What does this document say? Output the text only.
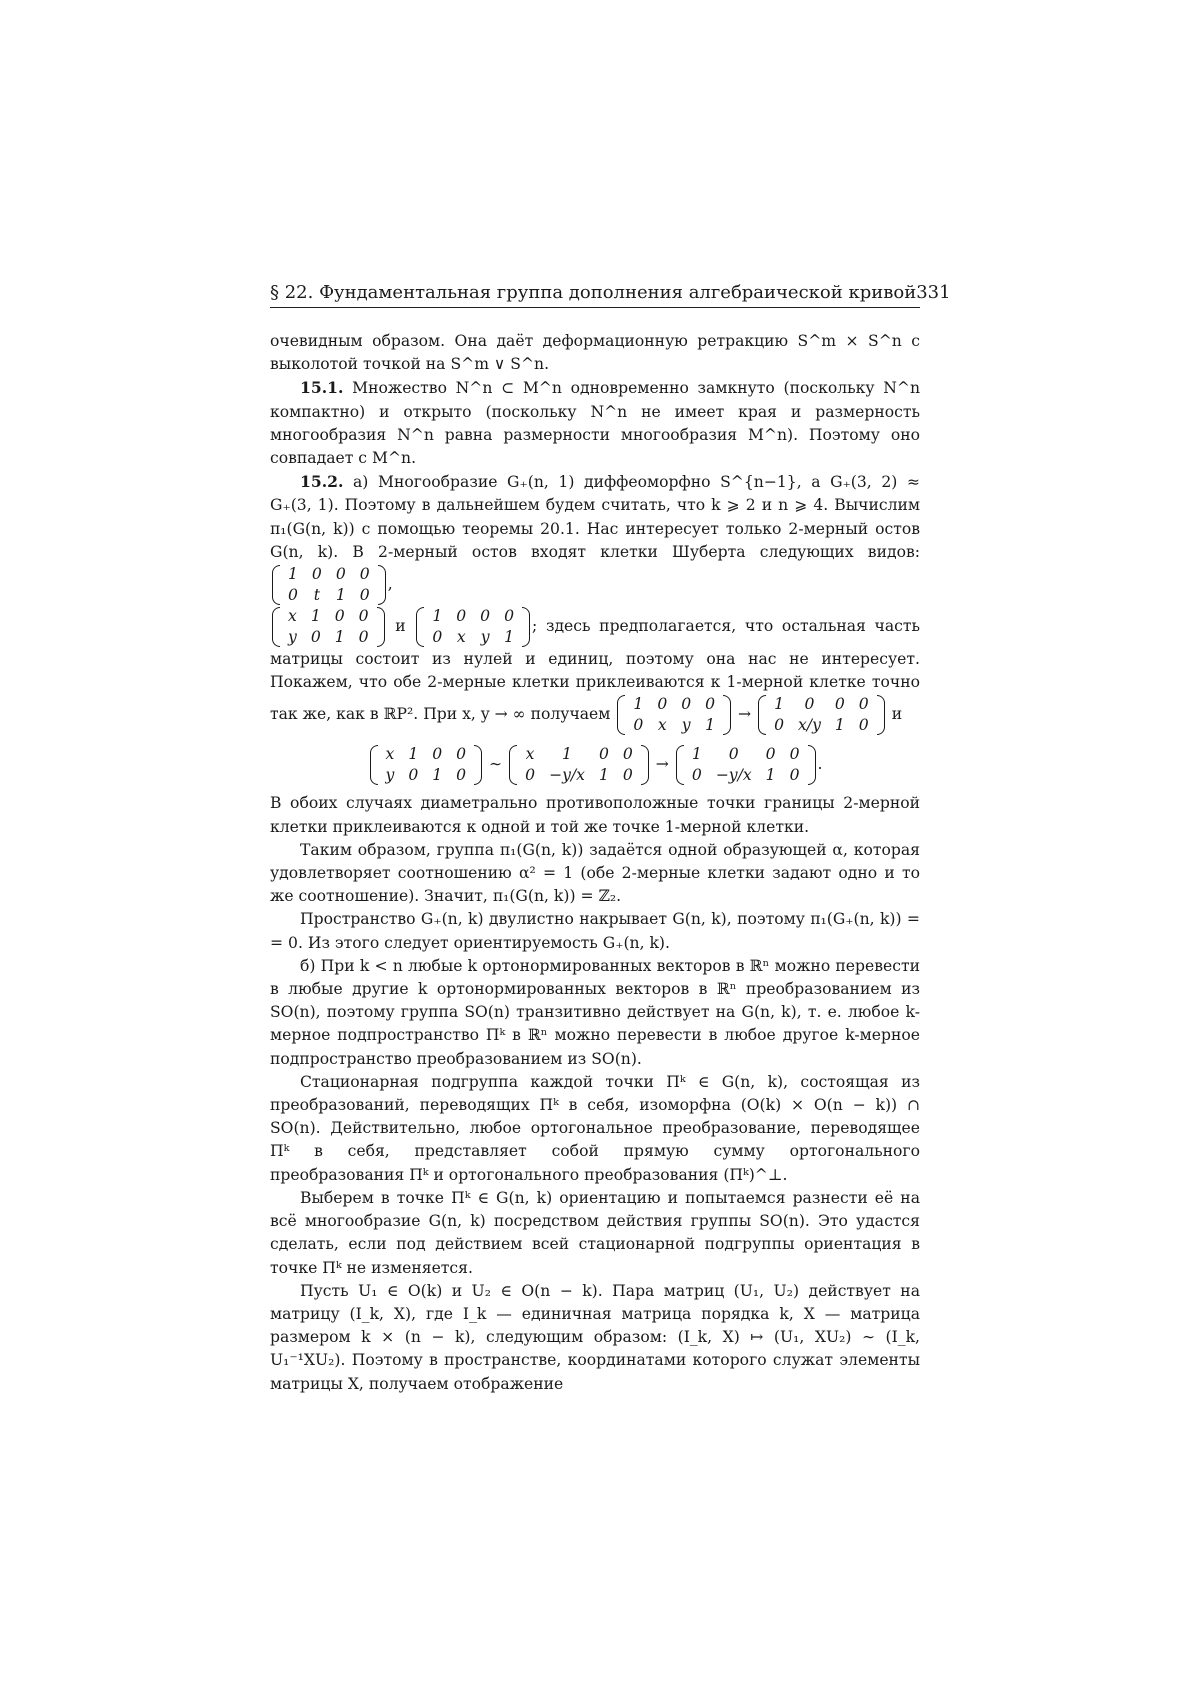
§ 22. Фундаментальная группа дополнения алгебраической кривой 331

очевидным образом. Она даёт деформационную ретракцию S^m × S^n с выколотой точкой на S^m ∨ S^n.

15.1. Множество N^n ⊂ M^n одновременно замкнуто (поскольку N^n компактно) и открыто (поскольку N^n не имеет края и размерность многообразия N^n равна размерности многообразия M^n). Поэтому оно совпадает с M^n.

15.2. а) Многообразие G₊(n, 1) диффеоморфно S^{n−1}, а G₊(3, 2) ≈ G₊(3, 1). Поэтому в дальнейшем будем считать, что k ⩾ 2 и n ⩾ 4. Вычислим π₁(G(n, k)) с помощью теоремы 20.1. Нас интересует только 2-мерный остов G(n, k). В 2-мерный остов входят клетки Шуберта следующих видов:
1	0	0	0
0	t	1	0
,

x	1	0	0
y	0	1	0
и
1	0	0	0
0	x	y	1
; здесь предполагается, что остальная часть матрицы состоит из нулей и единиц, поэтому она нас не интересует. Покажем, что обе 2-мерные клетки приклеиваются к 1-мерной клетке точно так же, как в ℝP². При x, y → ∞ получаем
1	0	0	0
0	x	y	1
→
1	0	0	0
0	x/y	1	0
и

x	1	0	0
y	0	1	0
∼
x	1	0	0
0	−y/x	1	0
→
1	0	0	0
0	−y/x	1	0
.

В обоих случаях диаметрально противоположные точки границы 2-мерной клетки приклеиваются к одной и той же точке 1-мерной клетки.

Таким образом, группа π₁(G(n, k)) задаётся одной образующей α, которая удовлетворяет соотношению α² = 1 (обе 2-мерные клетки задают одно и то же соотношение). Значит, π₁(G(n, k)) = ℤ₂.

Пространство G₊(n, k) двулистно накрывает G(n, k), поэтому π₁(G₊(n, k)) = = 0. Из этого следует ориентируемость G₊(n, k).

б) При k < n любые k ортонормированных векторов в ℝⁿ можно перевести в любые другие k ортонормированных векторов в ℝⁿ преобразованием из SO(n), поэтому группа SO(n) транзитивно действует на G(n, k), т. е. любое k-мерное подпространство Πᵏ в ℝⁿ можно перевести в любое другое k-мерное подпространство преобразованием из SO(n).

Стационарная подгруппа каждой точки Πᵏ ∈ G(n, k), состоящая из преобразований, переводящих Πᵏ в себя, изоморфна (O(k) × O(n − k)) ∩ SO(n). Действительно, любое ортогональное преобразование, переводящее Πᵏ в себя, представляет собой прямую сумму ортогонального преобразования Πᵏ и ортогонального преобразования (Πᵏ)^⊥.

Выберем в точке Πᵏ ∈ G(n, k) ориентацию и попытаемся разнести её на всё многообразие G(n, k) посредством действия группы SO(n). Это удастся сделать, если под действием всей стационарной подгруппы ориентация в точке Πᵏ не изменяется.

Пусть U₁ ∈ O(k) и U₂ ∈ O(n − k). Пара матриц (U₁, U₂) действует на матрицу (I_k, X), где I_k — единичная матрица порядка k, X — матрица размером k × (n − k), следующим образом: (I_k, X) ↦ (U₁, XU₂) ∼ (I_k, U₁⁻¹XU₂). Поэтому в пространстве, координатами которого служат элементы матрицы X, получаем отображение
